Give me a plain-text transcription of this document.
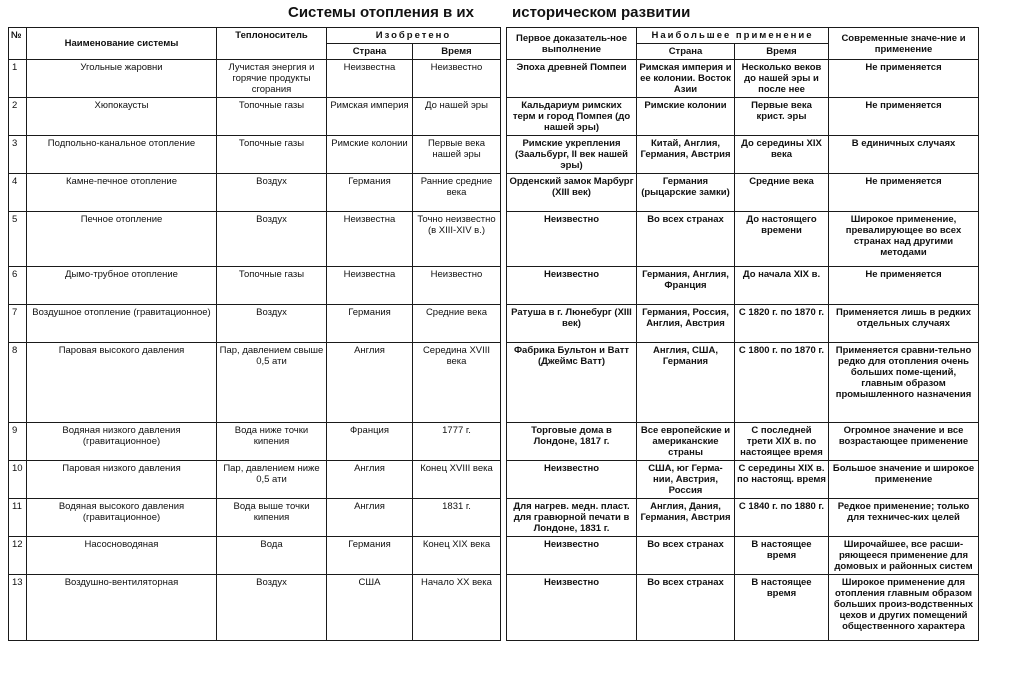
Системы отопления в их	историческом развитии
№	Наименование системы	Теплоноситель	Изобретено	
			Страна	Время
1	Угольные жаровни	Лучистая энергия и горячие продукты сгорания	Неизвестна	Неизвестно
2	Хюпокаусты	Топочные газы	Римская империя	До нашей эры
3	Подпольно-канальное отопление	Топочные газы	Римские колонии	Первые века нашей эры
4	Камне-печное отопление	Воздух	Германия	Ранние средние века
5	Печное отопление	Воздух	Неизвестна	Точно неизвестно (в XIII-XIV в.)
6	Дымо-трубное отопление	Топочные газы	Неизвестна	Неизвестно
7	Воздушное отопление (гравитационное)	Воздух	Германия	Средние века
8	Паровая высокого давления	Пар, давлением свыше 0,5 ати	Англия	Середина XVIII века
9	Водяная низкого давления (гравитационное)	Вода ниже точки кипения	Франция	1777 г.
10	Паровая низкого давления	Пар, давлением ниже 0,5 ати	Англия	Конец XVIII века
11	Водяная высокого давления (гравитационное)	Вода выше точки кипения	Англия	1831 г.
12	Насосноводяная	Вода	Германия	Конец XIX века
13	Воздушно-вентиляторная	Воздух	США	Начало XX века
Первое доказатель-ное выполнение	Наибольшее применение		Современные значе-ние и применение
	Страна	Время	
Эпоха древней Помпеи	Римская империя и ее колонии. Восток Азии	Несколько веков до нашей эры и после нее	Не применяется
Кальдариум римских терм и город Помпея (до нашей эры)	Римские колонии	Первые века крист. эры	Не применяется
Римские укрепления (Заальбург, II век нашей эры)	Китай, Англия, Германия, Австрия	До середины XIX века	В единичных случаях
Орденский замок Марбург (XIII век)	Германия (рыцарские замки)	Средние века	Не применяется
Неизвестно	Во всех странах	До настоящего времени	Широкое применение, превалирующее во всех странах над другими методами
Неизвестно	Германия, Англия, Франция	До начала XIX в.	Не применяется
Ратуша в г. Люнебург (XIII век)	Германия, Россия, Англия, Австрия	С 1820 г. по 1870 г.	Применяется лишь в редких отдельных случаях
Фабрика Бультон и Ватт (Джеймс Ватт)	Англия, США, Германия	С 1800 г. по 1870 г.	Применяется сравни-тельно редко для отопления очень больших поме-щений, главным образом промышленного назначения
Торговые дома в Лондоне, 1817 г.	Все европейские и американские страны	С последней трети XIX в. по настоящее время	Огромное значение и все возрастающее применение
Неизвестно	США, юг Герма-нии, Австрия, Россия	С середины XIX в. по настоящ. время	Большое значение и широкое применение
Для нагрев. медн. пласт. для гравюрной печати в Лондоне, 1831 г.	Англия, Дания, Германия, Австрия	С 1840 г. по 1880 г.	Редкое применение; только для техничес-ких целей
Неизвестно	Во всех странах	В настоящее время	Широчайшее, все расши-ряющееся применение для домовых и районных систем
Неизвестно	Во всех странах	В настоящее время	Широкое применение для отопления главным образом больших произ-водственных цехов и других помещений общественного характера
